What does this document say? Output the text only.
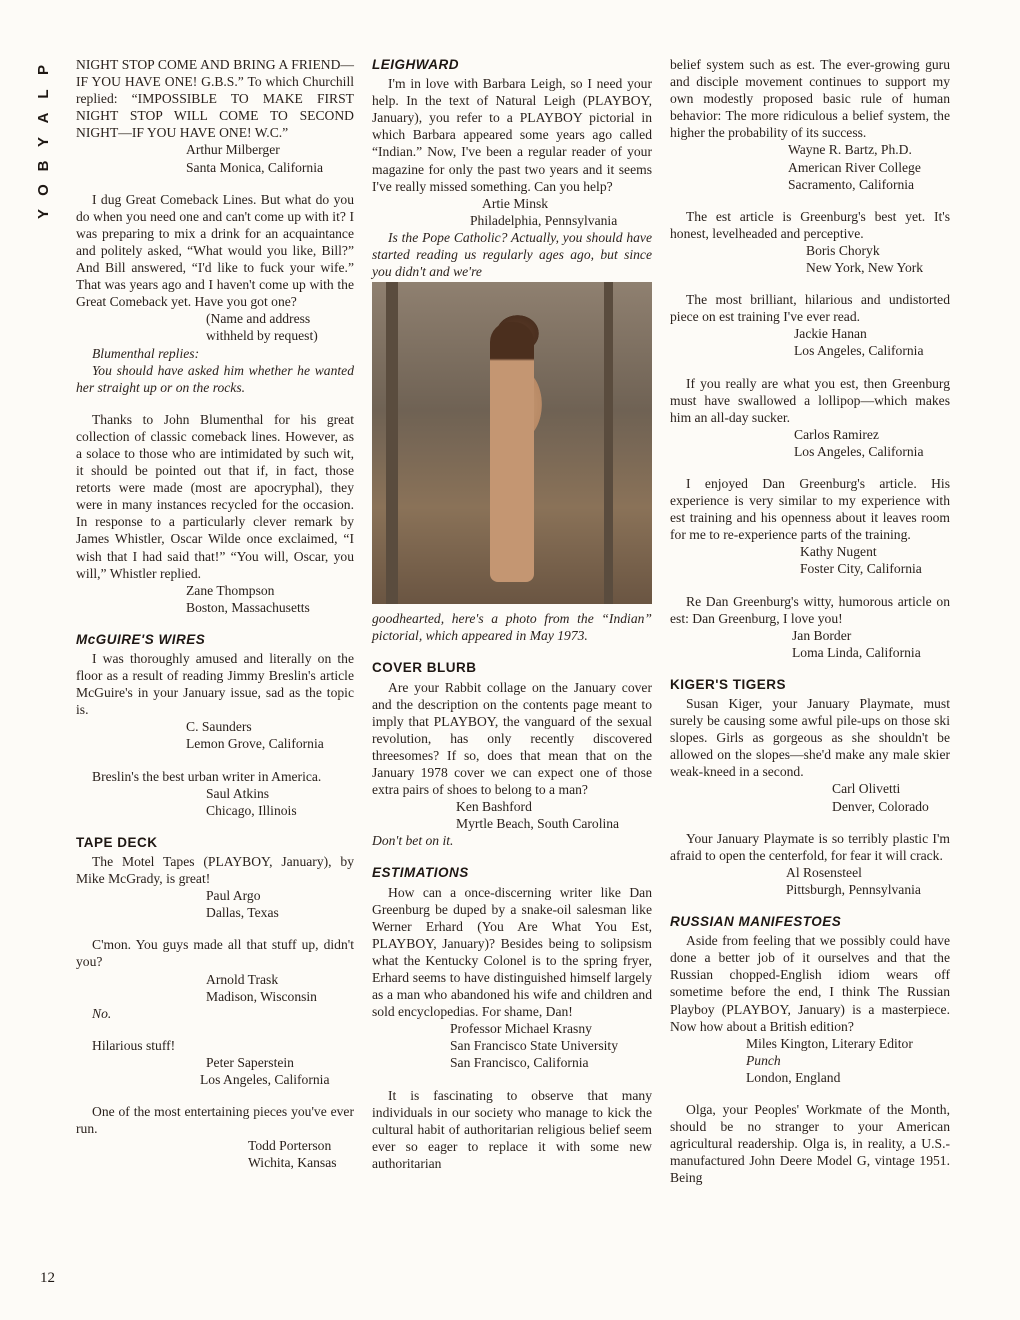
P
L
A
Y
B
O
Y
12

NIGHT STOP COME AND BRING A FRIEND—IF YOU HAVE ONE! G.B.S.” To which Churchill replied: “IMPOSSIBLE TO MAKE FIRST NIGHT STOP WILL COME TO SECOND NIGHT—IF YOU HAVE ONE! W.C.”

Arthur Milberger
Santa Monica, California

I dug Great Comeback Lines. But what do you do when you need one and can't come up with it? I was preparing to mix a drink for an acquaintance and politely asked, “What would you like, Bill?” And Bill answered, “I'd like to fuck your wife.” That was years ago and I haven't come up with the Great Comeback yet. Have you got one?

(Name and address
withheld by request)
Blumenthal replies:

You should have asked him whether he wanted her straight up or on the rocks.

Thanks to John Blumenthal for his great collection of classic comeback lines. However, as a solace to those who are intimidated by such wit, it should be pointed out that if, in fact, those retorts were made (most are apocryphal), they were in many instances recycled for the occasion. In response to a particularly clever remark by James Whistler, Oscar Wilde once exclaimed, “I wish that I had said that!” “You will, Oscar, you will,” Whistler replied.

Zane Thompson
Boston, Massachusetts
McGUIRE'S WIRES

I was thoroughly amused and literally on the floor as a result of reading Jimmy Breslin's article McGuire's in your January issue, sad as the topic is.

C. Saunders
Lemon Grove, California

Breslin's the best urban writer in America.

Saul Atkins
Chicago, Illinois
TAPE DECK

The Motel Tapes (PLAYBOY, January), by Mike McGrady, is great!

Paul Argo
Dallas, Texas

C'mon. You guys made all that stuff up, didn't you?

Arnold Trask
Madison, Wisconsin

No.

Hilarious stuff!

Peter Saperstein
Los Angeles, California

One of the most entertaining pieces you've ever run.

Todd Porterson
Wichita, Kansas
LEIGHWARD

I'm in love with Barbara Leigh, so I need your help. In the text of Natural Leigh (PLAYBOY, January), you refer to a PLAYBOY pictorial in which Barbara appeared some years ago called “Indian.” Now, I've been a regular reader of your magazine for only the past two years and it seems I've really missed something. Can you help?

Artie Minsk
Philadelphia, Pennsylvania

Is the Pope Catholic? Actually, you should have started reading us regularly ages ago, but since you didn't and we're

goodhearted, here's a photo from the “Indian” pictorial, which appeared in May 1973.

COVER BLURB

Are your Rabbit collage on the January cover and the description on the contents page meant to imply that PLAYBOY, the vanguard of the sexual revolution, has only recently discovered threesomes? If so, does that mean that on the January 1978 cover we can expect one of those extra pairs of shoes to belong to a man?

Ken Bashford
Myrtle Beach, South Carolina

Don't bet on it.

ESTIMATIONS

How can a once-discerning writer like Dan Greenburg be duped by a snake-oil salesman like Werner Erhard (You Are What You Est, PLAYBOY, January)? Besides being to solipsism what the Kentucky Colonel is to the spring fryer, Erhard seems to have distinguished himself largely as a man who abandoned his wife and children and sold encyclopedias. For shame, Dan!

Professor Michael Krasny
San Francisco State University
San Francisco, California

It is fascinating to observe that many individuals in our society who manage to kick the cultural habit of authoritarian religious belief seem ever so eager to replace it with some new authoritarian

belief system such as est. The ever-growing guru and disciple movement continues to support my own modestly proposed basic rule of human behavior: The more ridiculous a belief system, the higher the probability of its success.

Wayne R. Bartz, Ph.D.
American River College
Sacramento, California

The est article is Greenburg's best yet. It's honest, levelheaded and perceptive.

Boris Choryk
New York, New York

The most brilliant, hilarious and undistorted piece on est training I've ever read.

Jackie Hanan
Los Angeles, California

If you really are what you est, then Greenburg must have swallowed a lollipop—which makes him an all-day sucker.

Carlos Ramirez
Los Angeles, California

I enjoyed Dan Greenburg's article. His experience is very similar to my experience with est training and his openness about it leaves room for me to re-experience parts of the training.

Kathy Nugent
Foster City, California

Re Dan Greenburg's witty, humorous article on est: Dan Greenburg, I love you!

Jan Border
Loma Linda, California
KIGER'S TIGERS

Susan Kiger, your January Playmate, must surely be causing some awful pile-ups on those ski slopes. Girls as gorgeous as she shouldn't be allowed on the slopes—she'd make any male skier weak-kneed in a second.

Carl Olivetti
Denver, Colorado

Your January Playmate is so terribly plastic I'm afraid to open the centerfold, for fear it will crack.

Al Rosensteel
Pittsburgh, Pennsylvania
RUSSIAN MANIFESTOES

Aside from feeling that we possibly could have done a better job of it ourselves and that the Russian chopped-English idiom wears off sometime before the end, I think The Russian Playboy (PLAYBOY, January) is a masterpiece. Now how about a British edition?

Miles Kington, Literary Editor
Punch
London, England

Olga, your Peoples' Workmate of the Month, should be no stranger to your American agricultural readership. Olga is, in reality, a U.S.-manufactured John Deere Model G, vintage 1951. Being
